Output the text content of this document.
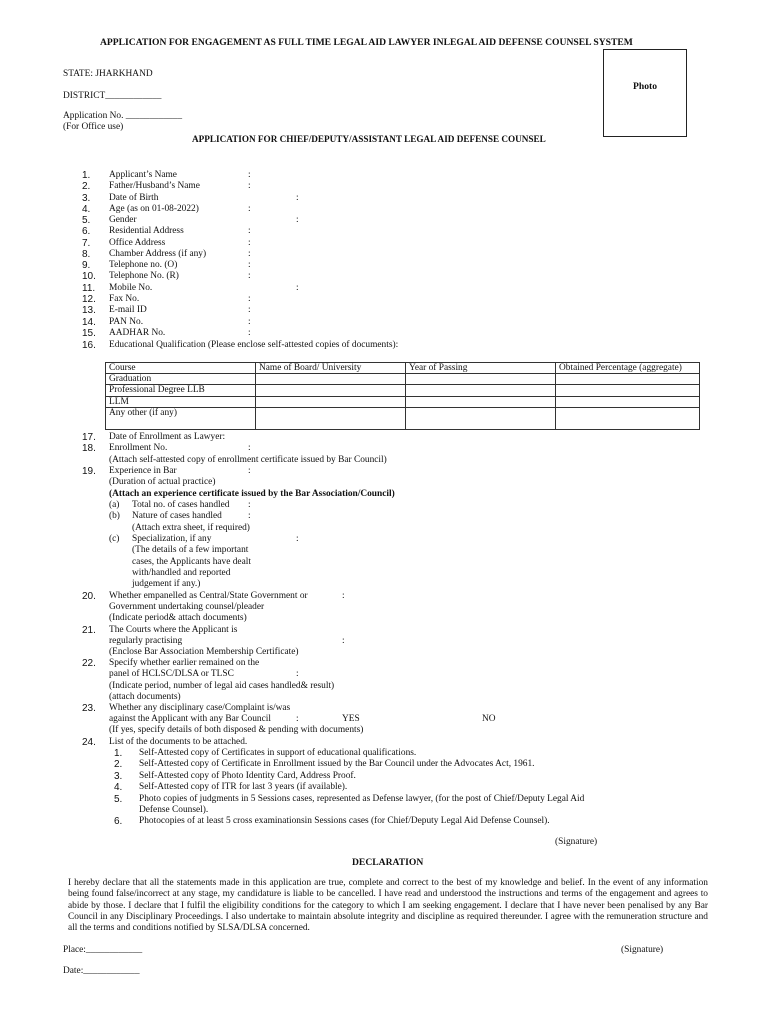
APPLICATION FOR ENGAGEMENT AS FULL TIME LEGAL AID LAWYER INLEGAL AID DEFENSE COUNSEL SYSTEM
STATE: JHARKHAND
DISTRICT____________
Application No. ____________
(For Office use)
Photo
APPLICATION FOR CHIEF/DEPUTY/ASSISTANT LEGAL AID DEFENSE COUNSEL
1.	Applicant’s Name	:
2.	Father/Husband’s Name	:
3.	Date of Birth	:
4.	Age (as on 01-08-2022)	:
5.	Gender	:
6.	Residential Address	:
7.	Office Address	:
8.	Chamber Address (if any)	:
9.	Telephone no. (O)	:
10.	Telephone No. (R)	:
11.	Mobile No.	:
12.	Fax No.	:
13.	E-mail ID	:
14.	PAN No.	:
15.	AADHAR No.	:
16.	Educational Qualification (Please enclose self-attested copies of documents):
Course	Name of Board/ University	Year of Passing	Obtained Percentage (aggregate)
Graduation			
Professional Degree LLB			
LLM			
Any other (if any)			
17.	Date of Enrollment as Lawyer:
18.	Enrollment No.	:
(Attach self-attested copy of enrollment certificate issued by Bar Council)
19.	Experience in Bar	:
(Duration of actual practice)
(Attach an experience certificate issued by the Bar Association/Council)
(a) Total no. of cases handled :
(b) Nature of cases handled	:
(Attach extra sheet, if required)
(c) Specialization, if any	:
(The details of a few important
cases, the Applicants have dealt
with/handled and reported
judgement if any.)
20.	Whether empanelled as Central/State Government or	:
Government undertaking counsel/pleader
(Indicate period& attach documents)
21.	The Courts where the Applicant is
regularly practising	:
(Enclose Bar Association Membership Certificate)
22.	Specify whether earlier remained on the
panel of HCLSC/DLSA or TLSC	:
(Indicate period, number of legal aid cases handled& result)
(attach documents)
23.	Whether any disciplinary case/Complaint is/was
against the Applicant with any Bar Council	:	YES	NO
(If yes, specify details of both disposed & pending with documents)
24.	List of the documents to be attached.
1. Self-Attested copy of Certificates in support of educational qualifications.
2. Self-Attested copy of Certificate in Enrollment issued by the Bar Council under the Advocates Act, 1961.
3. Self-Attested copy of Photo Identity Card, Address Proof.
4. Self-Attested copy of ITR for last 3 years (if available).
5. Photo copies of judgments in 5 Sessions cases, represented as Defense lawyer, (for the post of Chief/Deputy Legal Aid
Defense Counsel).
6. Photocopies of at least 5 cross examinationsin Sessions cases (for Chief/Deputy Legal Aid Defense Counsel).
(Signature)
DECLARATION
I hereby declare that all the statements made in this application are true, complete and correct to the best of my knowledge and belief. In the event of any information being found false/incorrect at any stage, my candidature is liable to be cancelled. I have read and understood the instructions and terms of the engagement and agrees to abide by those. I declare that I fulfil the eligibility conditions for the category to which I am seeking engagement. I declare that I have never been penalised by any Bar Council in any Disciplinary Proceedings. I also undertake to maintain absolute integrity and discipline as required thereunder. I agree with the remuneration structure and all the terms and conditions notified by SLSA/DLSA concerned.
Place:____________	(Signature)
Date:____________
